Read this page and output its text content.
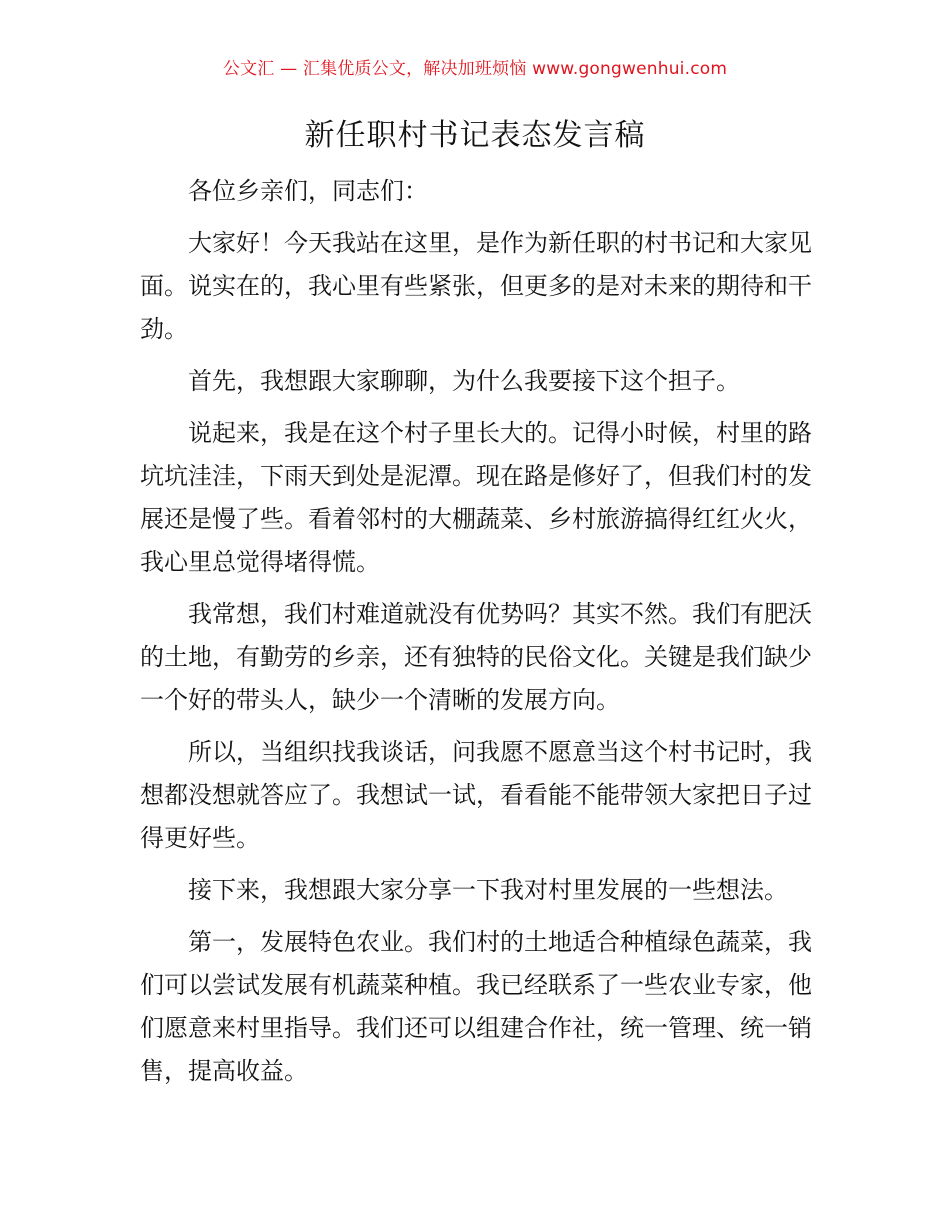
公文汇 — 汇集优质公文，解决加班烦恼 www.gongwenhui.com
新任职村书记表态发言稿

各位乡亲们，同志们：

大家好！今天我站在这里，是作为新任职的村书记和大家见面。说实在的，我心里有些紧张，但更多的是对未来的期待和干劲。

首先，我想跟大家聊聊，为什么我要接下这个担子。

说起来，我是在这个村子里长大的。记得小时候，村里的路坑坑洼洼，下雨天到处是泥潭。现在路是修好了，但我们村的发展还是慢了些。看着邻村的大棚蔬菜、乡村旅游搞得红红火火，我心里总觉得堵得慌。

我常想，我们村难道就没有优势吗？其实不然。我们有肥沃的土地，有勤劳的乡亲，还有独特的民俗文化。关键是我们缺少一个好的带头人，缺少一个清晰的发展方向。

所以，当组织找我谈话，问我愿不愿意当这个村书记时，我想都没想就答应了。我想试一试，看看能不能带领大家把日子过得更好些。

接下来，我想跟大家分享一下我对村里发展的一些想法。

第一，发展特色农业。我们村的土地适合种植绿色蔬菜，我们可以尝试发展有机蔬菜种植。我已经联系了一些农业专家，他们愿意来村里指导。我们还可以组建合作社，统一管理、统一销售，提高收益。
